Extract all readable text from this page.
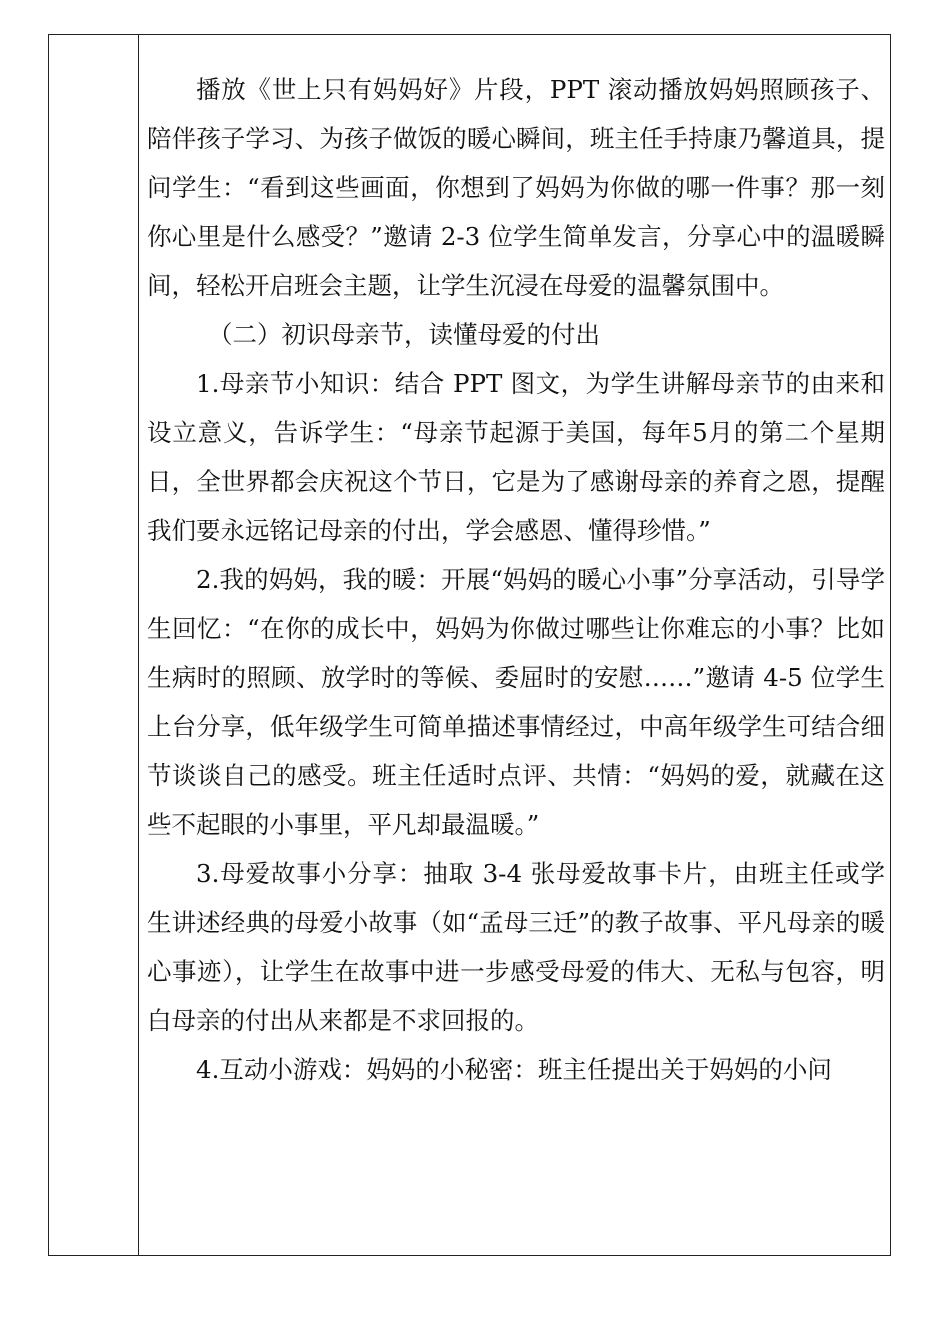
播放《世上只有妈妈好》片段，PPT 滚动播放妈妈照顾孩子、陪伴孩子学习、为孩子做饭的暖心瞬间，班主任手持康乃馨道具，提问学生：“看到这些画面，你想到了妈妈为你做的哪一件事？那一刻你心里是什么感受？”邀请 2-3 位学生简单发言，分享心中的温暖瞬间，轻松开启班会主题，让学生沉浸在母爱的温馨氛围中。

（二）初识母亲节，读懂母爱的付出

1.母亲节小知识：结合 PPT 图文，为学生讲解母亲节的由来和设立意义，告诉学生：“母亲节起源于美国，每年5月的第二个星期日，全世界都会庆祝这个节日，它是为了感谢母亲的养育之恩，提醒我们要永远铭记母亲的付出，学会感恩、懂得珍惜。”

2.我的妈妈，我的暖：开展“妈妈的暖心小事”分享活动，引导学生回忆：“在你的成长中，妈妈为你做过哪些让你难忘的小事？比如生病时的照顾、放学时的等候、委屈时的安慰……”邀请 4-5 位学生上台分享，低年级学生可简单描述事情经过，中高年级学生可结合细节谈谈自己的感受。班主任适时点评、共情：“妈妈的爱，就藏在这些不起眼的小事里，平凡却最温暖。”

3.母爱故事小分享：抽取 3-4 张母爱故事卡片，由班主任或学生讲述经典的母爱小故事（如“孟母三迁”的教子故事、平凡母亲的暖心事迹），让学生在故事中进一步感受母爱的伟大、无私与包容，明白母亲的付出从来都是不求回报的。

4.互动小游戏：妈妈的小秘密：班主任提出关于妈妈的小问
